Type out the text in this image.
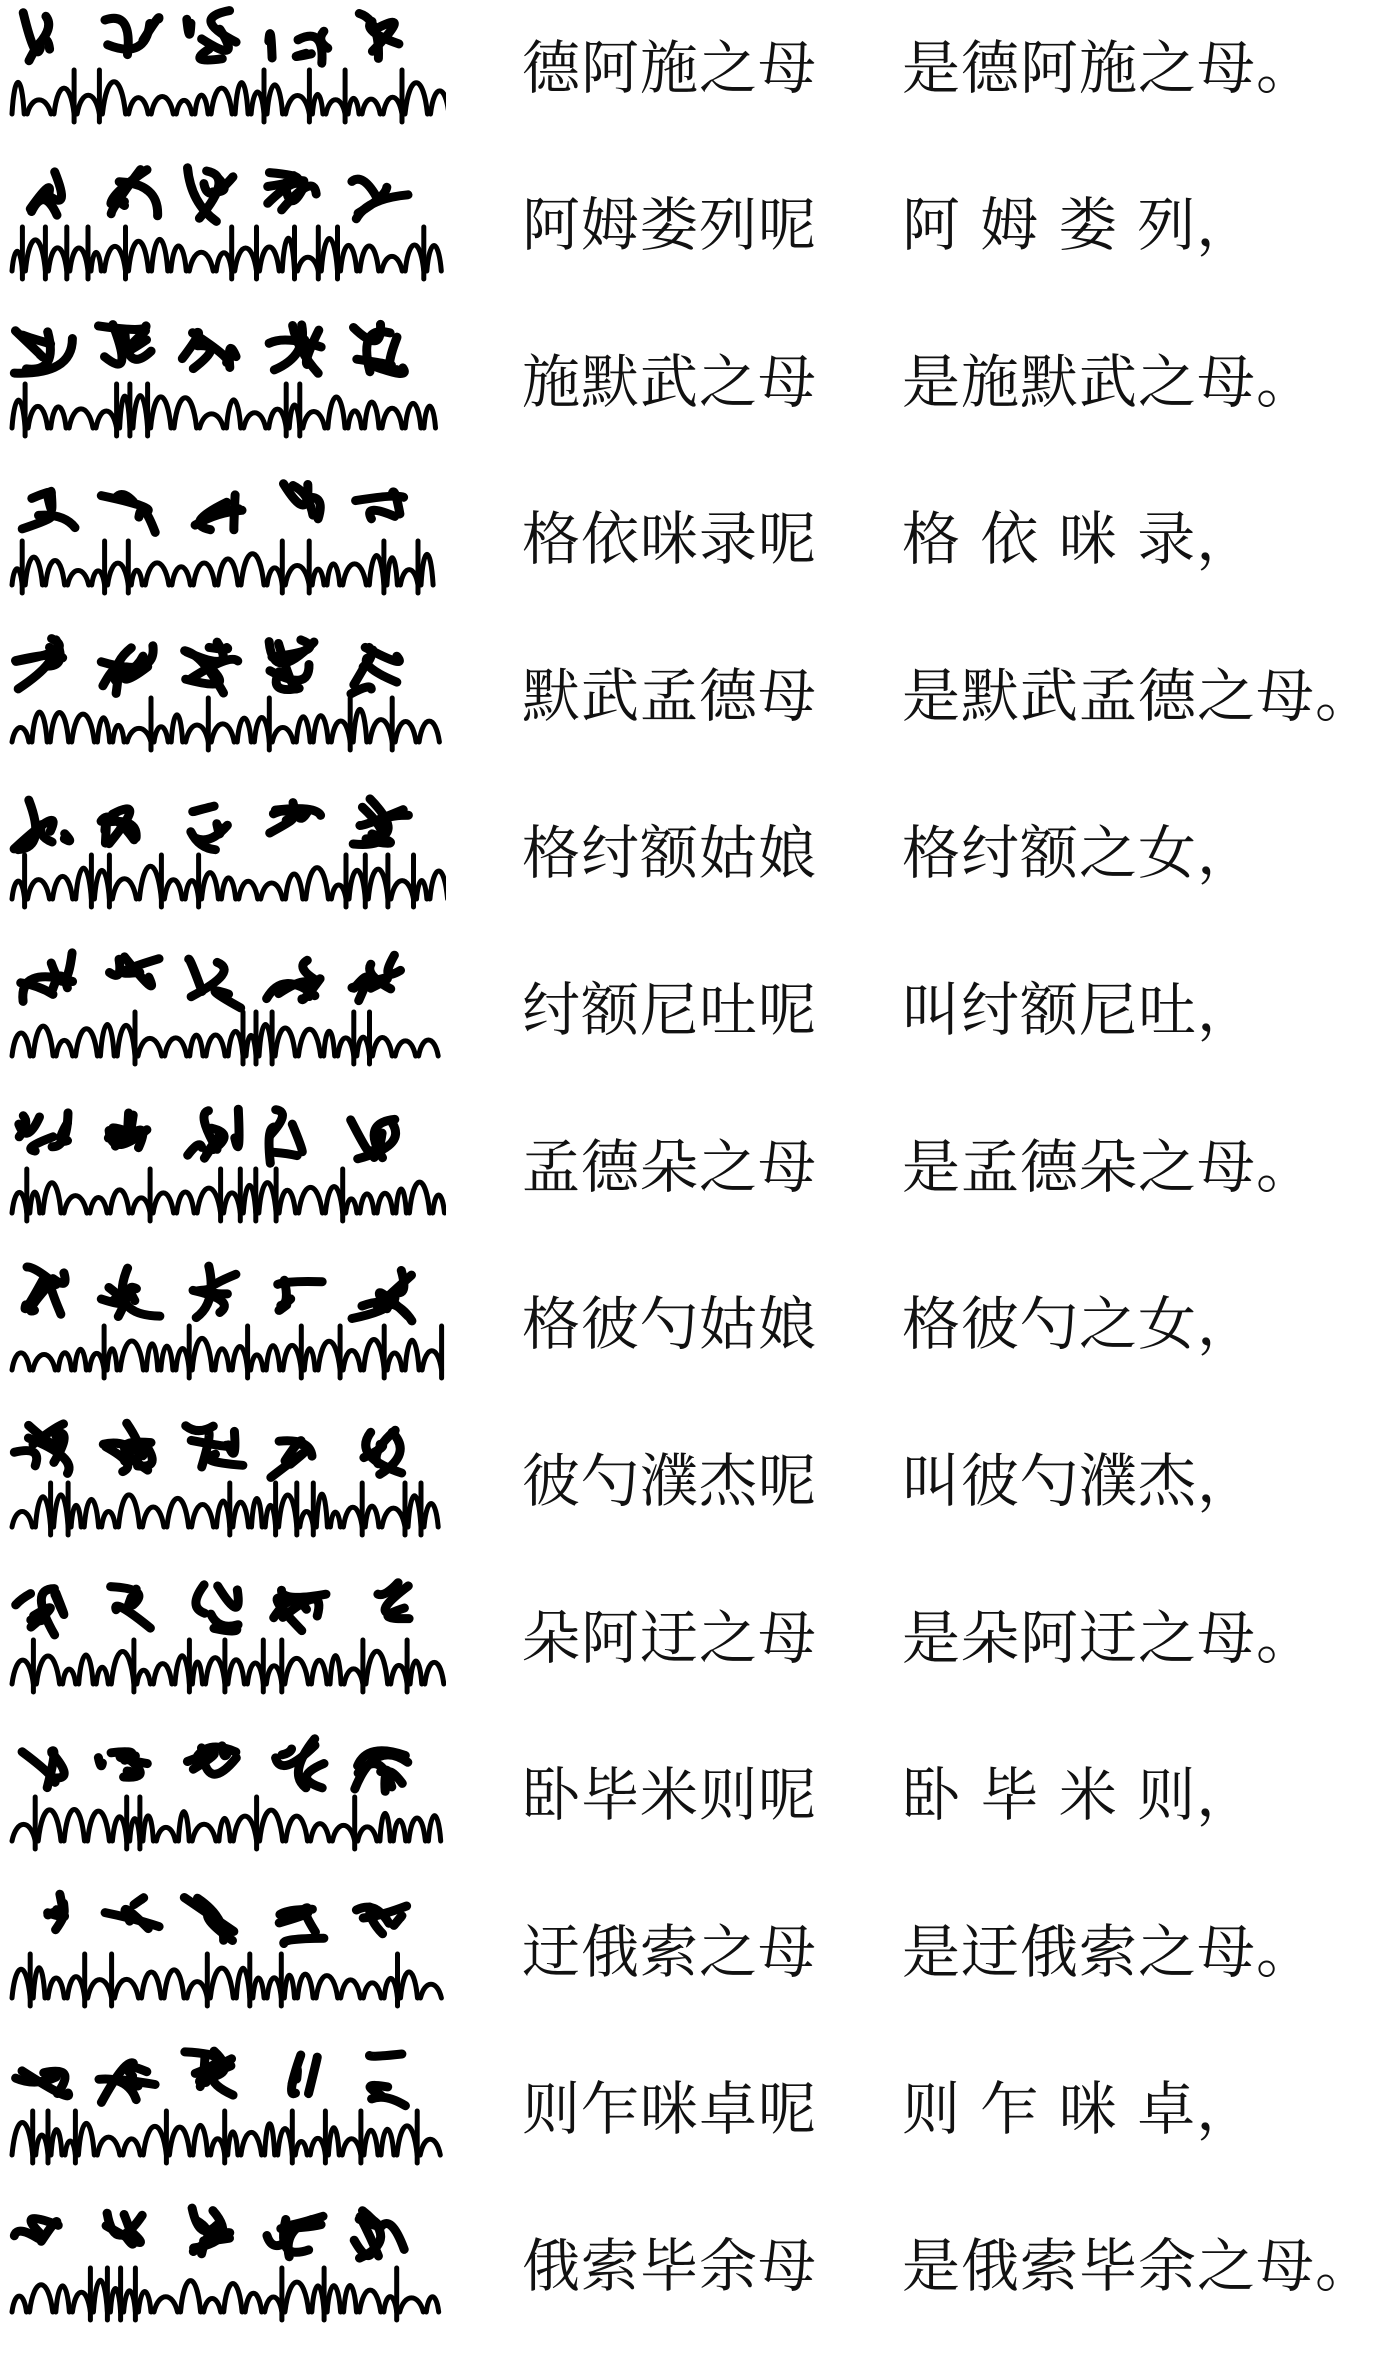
德阿施之母 是德阿施之母。
阿姆娄列呢 阿 姆 娄 列，
施默武之母 是施默武之母。
格依咪录呢 格 依 咪 录，
默武孟德母 是默武孟德之母。
格纣额姑娘 格纣额之女，
纣额尼吐呢 叫纣额尼吐，
孟德朵之母 是孟德朵之母。
格彼勺姑娘 格彼勺之女，
彼勺濮杰呢 叫彼勺濮杰，
朵阿迂之母 是朵阿迂之母。
卧毕米则呢 卧 毕 米 则，
迂俄索之母 是迂俄索之母。
则乍咪卓呢 则 乍 咪 卓，
俄索毕余母 是俄索毕余之母。
